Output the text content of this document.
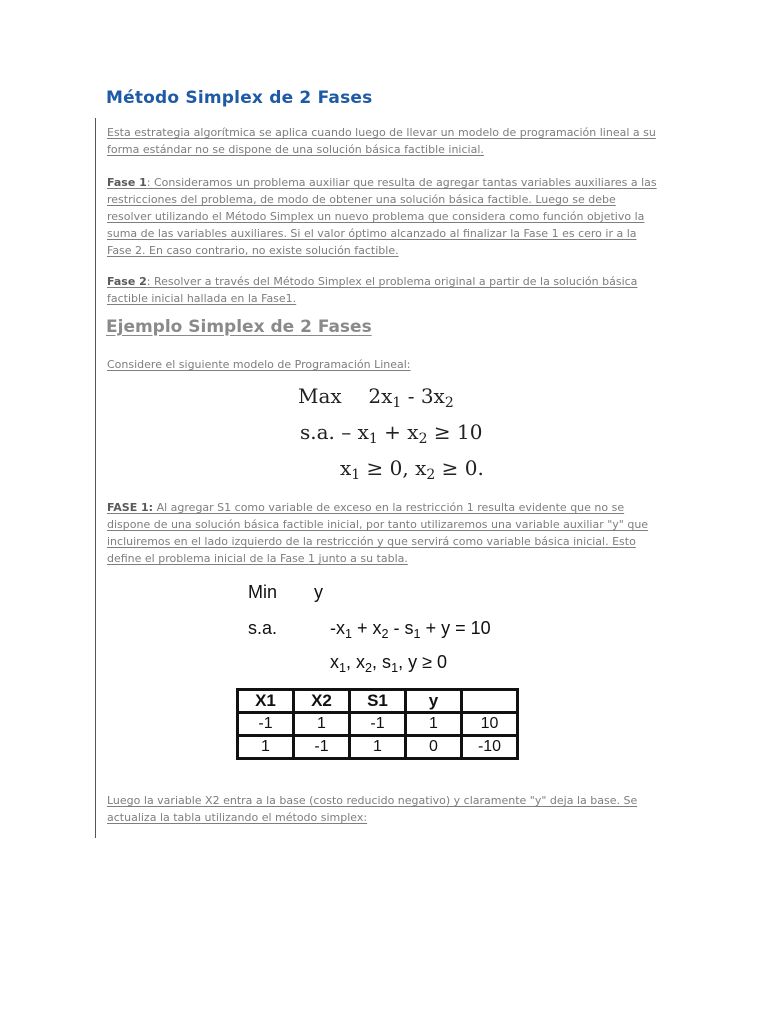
Método Simplex de 2 Fases

Esta estrategia algorítmica se aplica cuando luego de llevar un modelo de programación lineal a su forma estándar no se dispone de una solución básica factible inicial.

Fase 1: Consideramos un problema auxiliar que resulta de agregar tantas variables auxiliares a las restricciones del problema, de modo de obtener una solución básica factible. Luego se debe resolver utilizando el Método Simplex un nuevo problema que considera como función objetivo la suma de las variables auxiliares. Si el valor óptimo alcanzado al finalizar la Fase 1 es cero ir a la Fase 2. En caso contrario, no existe solución factible.

Fase 2: Resolver a través del Método Simplex el problema original a partir de la solución básica factible inicial hallada en la Fase1.

Ejemplo Simplex de 2 Fases

Considere el siguiente modelo de Programación Lineal:

Max $2x_1 - 3x_2$
s.a. – $x_1 + x_2 \ge 10$
$x_1 \ge 0$, $x_2 \ge 0$.

FASE 1: Al agregar S1 como variable de exceso en la restricción 1 resulta evidente que no se dispone de una solución básica factible inicial, por tanto utilizaremos una variable auxiliar "y" que incluiremos en el lado izquierdo de la restricción y que servirá como variable básica inicial. Esto define el problema inicial de la Fase 1 junto a su tabla.

Min y
s.a.	$-x_1 + x_2 - s_1 + y = 10$
$x_1$, $x_2$, $s_1$, y ≥ 0
X1	X2	S1	y	
-1	1	-1	1	10
1	-1	1	0	-10

Luego la variable X2 entra a la base (costo reducido negativo) y claramente "y" deja la base. Se actualiza la tabla utilizando el método simplex:
